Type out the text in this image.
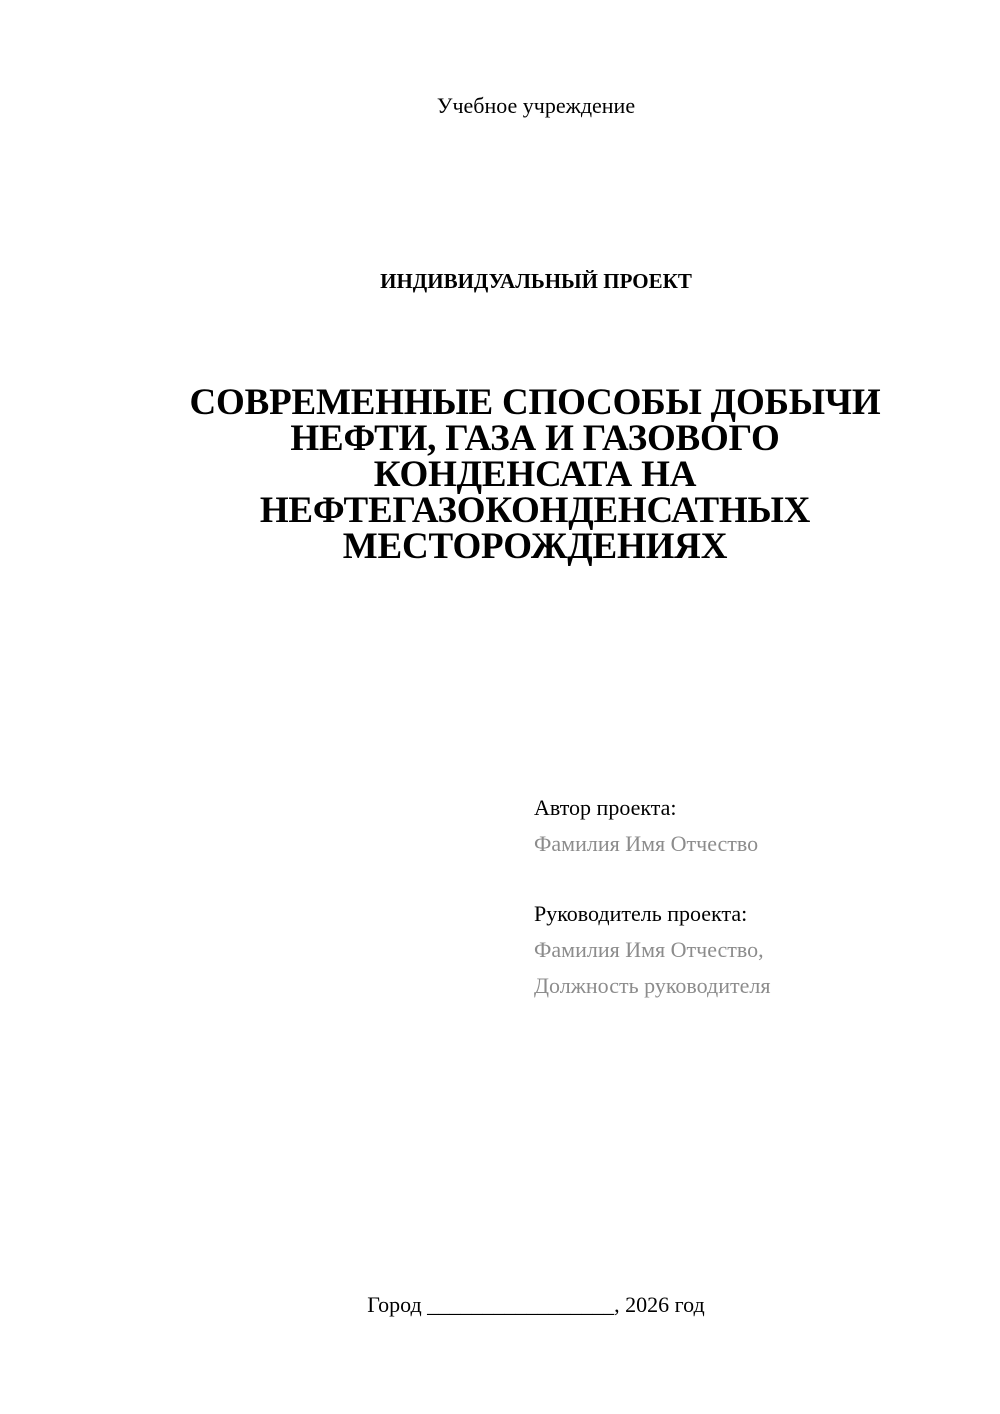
Учебное учреждение
ИНДИВИДУАЛЬНЫЙ ПРОЕКТ
СОВРЕМЕННЫЕ СПОСОБЫ ДОБЫЧИ
НЕФТИ, ГАЗА И ГАЗОВОГО
КОНДЕНСАТА НА
НЕФТЕГАЗОКОНДЕНСАТНЫХ
МЕСТОРОЖДЕНИЯХ
Автор проекта:
Фамилия Имя Отчество
Руководитель проекта:
Фамилия Имя Отчество,
Должность руководителя
Город _________________, 2026 год
